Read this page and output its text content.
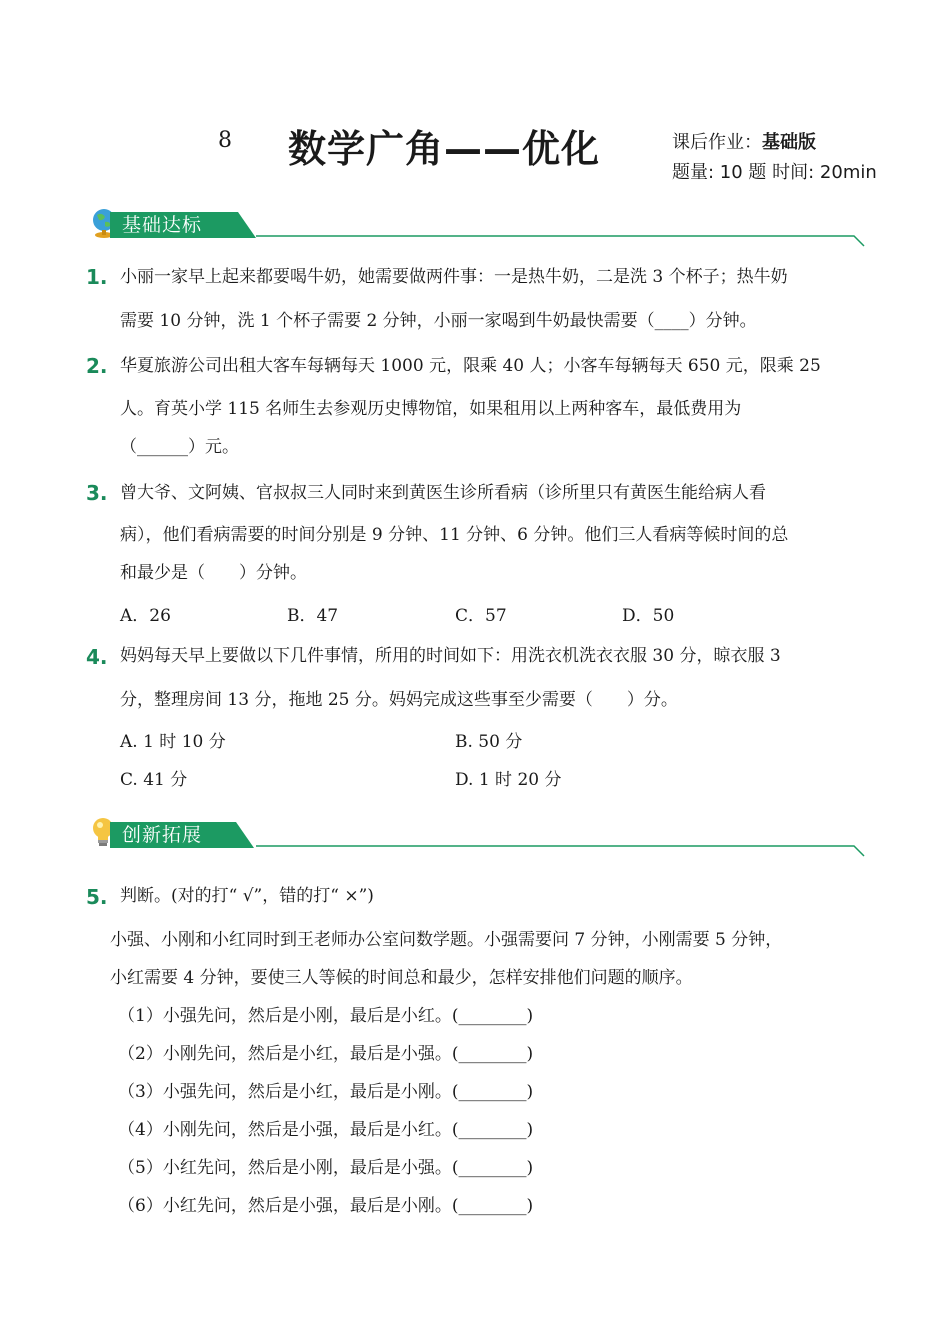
8 数学广角——优化	课后作业：基础版
题量: 10 题 时间: 20min
基础达标
1. 小丽一家早上起来都要喝牛奶，她需要做两件事：一是热牛奶，二是洗 3 个杯子；热牛奶
需要 10 分钟，洗 1 个杯子需要 2 分钟，小丽一家喝到牛奶最快需要（____）分钟。
2. 华夏旅游公司出租大客车每辆每天 1000 元，限乘 40 人；小客车每辆每天 650 元，限乘 25
人。育英小学 115 名师生去参观历史博物馆，如果租用以上两种客车，最低费用为
（______）元。
3. 曾大爷、文阿姨、官叔叔三人同时来到黄医生诊所看病（诊所里只有黄医生能给病人看
病），他们看病需要的时间分别是 9 分钟、11 分钟、6 分钟。他们三人看病等候时间的总
和最少是（　　）分钟。
A．26	B．47	C．57	D．50
4. 妈妈每天早上要做以下几件事情，所用的时间如下：用洗衣机洗衣衣服 30 分，晾衣服 3
分，整理房间 13 分，拖地 25 分。妈妈完成这些事至少需要（　　）分。
A. 1 时 10 分	B. 50 分
C. 41 分	D. 1 时 20 分
创新拓展
5. 判断。(对的打“ √”，错的打“ ×”)
小强、小刚和小红同时到王老师办公室问数学题。小强需要问 7 分钟，小刚需要 5 分钟，
小红需要 4 分钟，要使三人等候的时间总和最少，怎样安排他们问题的顺序。
（1）小强先问，然后是小刚，最后是小红。(________)
（2）小刚先问，然后是小红，最后是小强。(________)
（3）小强先问，然后是小红，最后是小刚。(________)
（4）小刚先问，然后是小强，最后是小红。(________)
（5）小红先问，然后是小刚，最后是小强。(________)
（6）小红先问，然后是小强，最后是小刚。(________)
